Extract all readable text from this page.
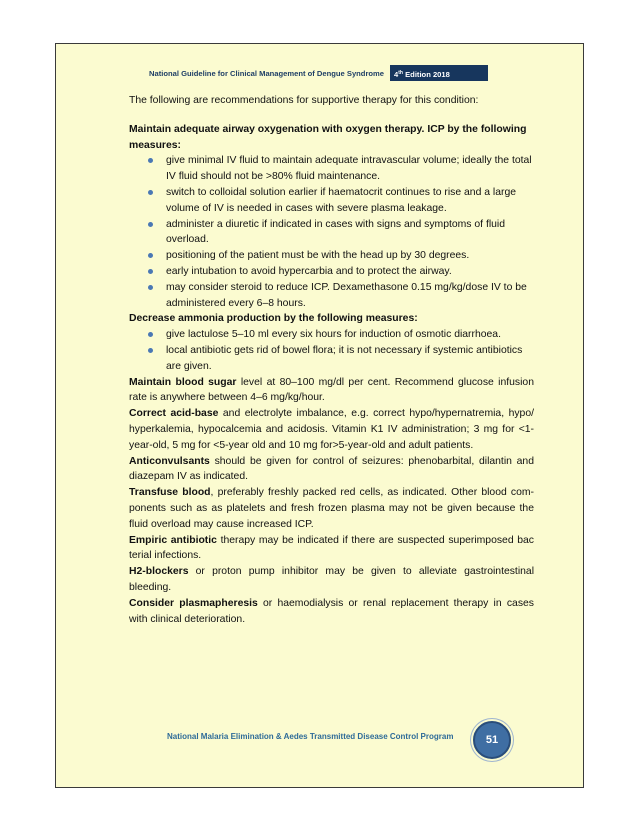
National Guideline for Clinical Management of Dengue Syndrome	4th Edition 2018

The following are recommendations for supportive therapy for this condition:

Maintain adequate airway oxygenation with oxygen therapy. ICP by the following measures:

give minimal IV fluid to maintain adequate intravascular volume; ideally the total IV fluid should not be >80% fluid maintenance.
switch to colloidal solution earlier if haematocrit continues to rise and a large volume of IV is needed in cases with severe plasma leakage.
administer a diuretic if indicated in cases with signs and symptoms of fluid overload.
positioning of the patient must be with the head up by 30 degrees.
early intubation to avoid hypercarbia and to protect the airway.
may consider steroid to reduce ICP. Dexamethasone 0.15 mg/kg/dose IV to be administered every 6–8 hours.

Decrease ammonia production by the following measures:

give lactulose 5–10 ml every six hours for induction of osmotic diarrhoea.
local antibiotic gets rid of bowel flora; it is not necessary if systemic antibiotics are given.

Maintain blood sugar level at 80–100 mg/dl per cent. Recommend glucose infusion rate is anywhere between 4–6 mg/kg/hour.

Correct acid-base and electrolyte imbalance, e.g. correct hypo/hypernatremia, hypo/ hyperkalemia, hypocalcemia and acidosis. Vitamin K1 IV administration; 3 mg for <1-year-old, 5 mg for <5-year old and 10 mg for>5-year-old and adult patients.

Anticonvulsants should be given for control of seizures: phenobarbital, dilantin and diazepam IV as indicated.

Transfuse blood, preferably freshly packed red cells, as indicated. Other blood com- ponents such as as platelets and fresh frozen plasma may not be given because the fluid overload may cause increased ICP.

Empiric antibiotic therapy may be indicated if there are suspected superimposed bac terial infections.

H2-blockers or proton pump inhibitor may be given to alleviate gastrointestinal bleeding.

Consider plasmapheresis or haemodialysis or renal replacement therapy in cases with clinical deterioration.

National Malaria Elimination & Aedes Transmitted Disease Control Program	51
